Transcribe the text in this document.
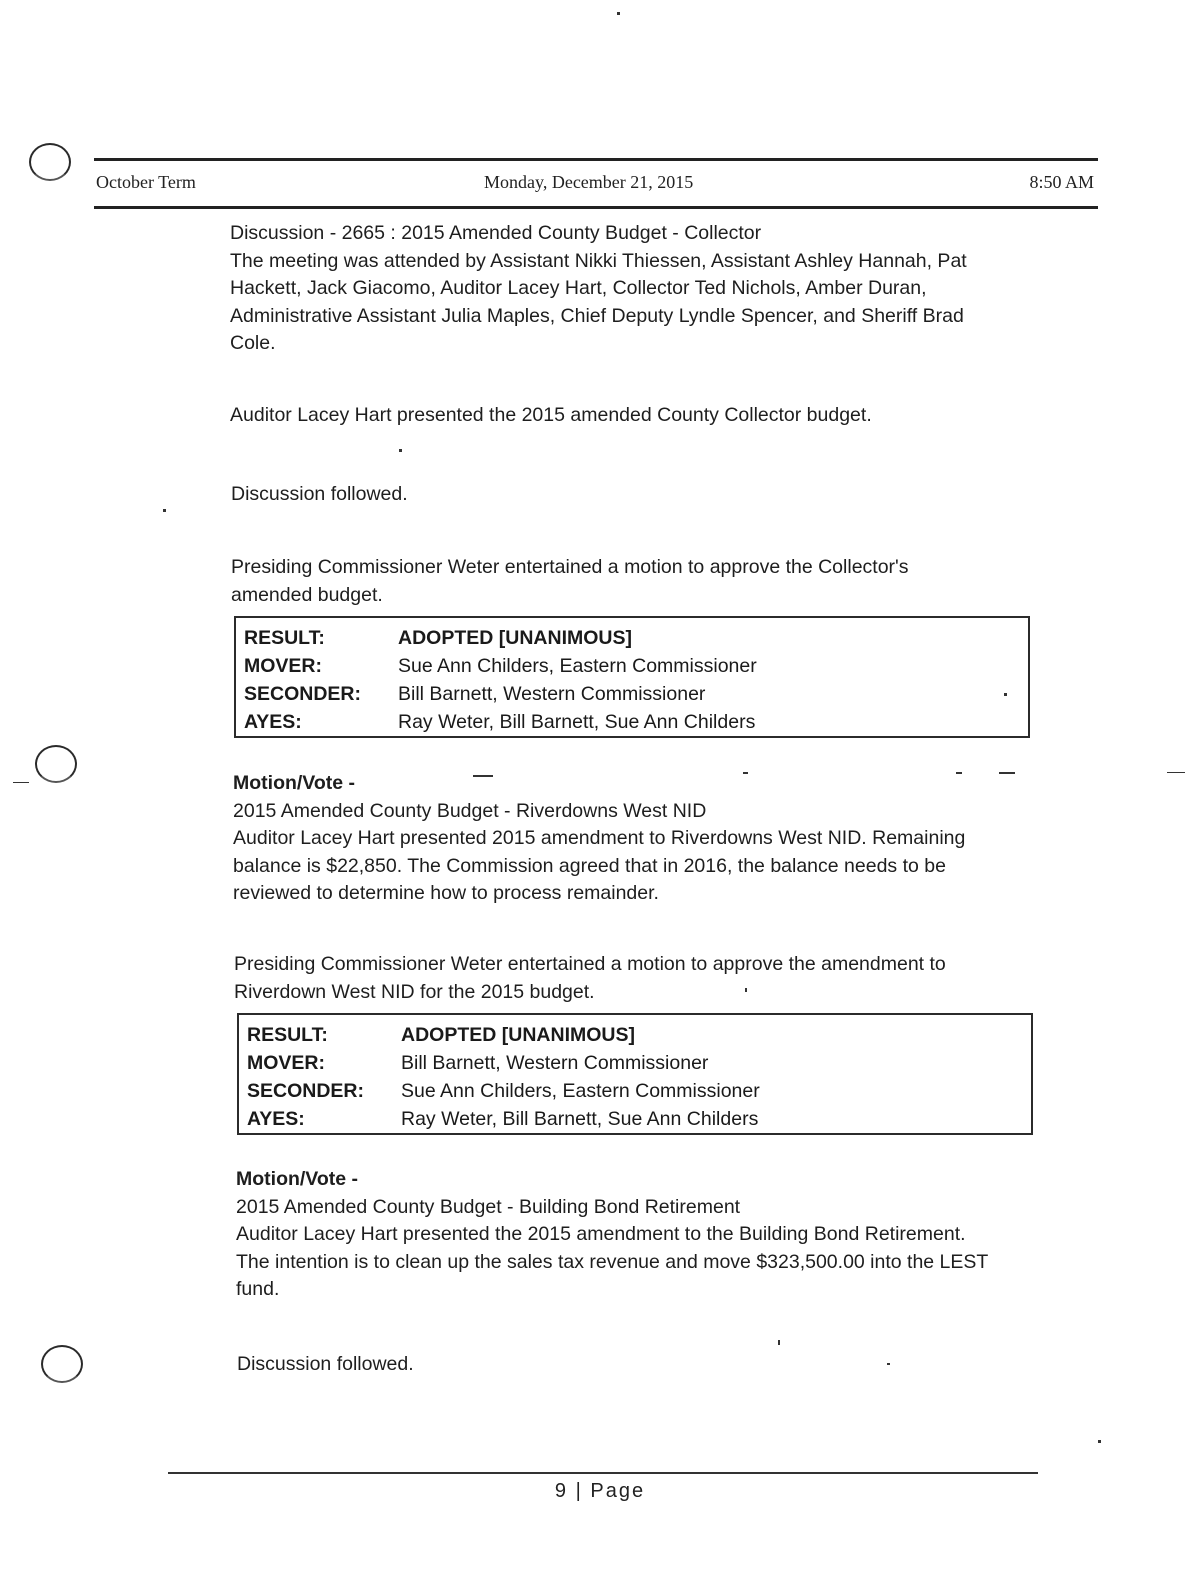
October Term	Monday, December 21, 2015	8:50 AM
Discussion - 2665 : 2015 Amended County Budget - Collector
The meeting was attended by Assistant Nikki Thiessen, Assistant Ashley Hannah, Pat
Hackett, Jack Giacomo, Auditor Lacey Hart, Collector Ted Nichols, Amber Duran,
Administrative Assistant Julia Maples, Chief Deputy Lyndle Spencer, and Sheriff Brad
Cole.
Auditor Lacey Hart presented the 2015 amended County Collector budget.
Discussion followed.
Presiding Commissioner Weter entertained a motion to approve the Collector's
amended budget.
RESULT:	ADOPTED [UNANIMOUS]
MOVER:	Sue Ann Childers, Eastern Commissioner
SECONDER: Bill Barnett, Western Commissioner
AYES:	Ray Weter, Bill Barnett, Sue Ann Childers
Motion/Vote -
2015 Amended County Budget - Riverdowns West NID
Auditor Lacey Hart presented 2015 amendment to Riverdowns West NID. Remaining
balance is $22,850. The Commission agreed that in 2016, the balance needs to be
reviewed to determine how to process remainder.
Presiding Commissioner Weter entertained a motion to approve the amendment to
Riverdown West NID for the 2015 budget.
RESULT:	ADOPTED [UNANIMOUS]
MOVER:	Bill Barnett, Western Commissioner
SECONDER: Sue Ann Childers, Eastern Commissioner
AYES:	Ray Weter, Bill Barnett, Sue Ann Childers
Motion/Vote -
2015 Amended County Budget - Building Bond Retirement
Auditor Lacey Hart presented the 2015 amendment to the Building Bond Retirement.
The intention is to clean up the sales tax revenue and move $323,500.00 into the LEST
fund.
Discussion followed.
9 | Page
